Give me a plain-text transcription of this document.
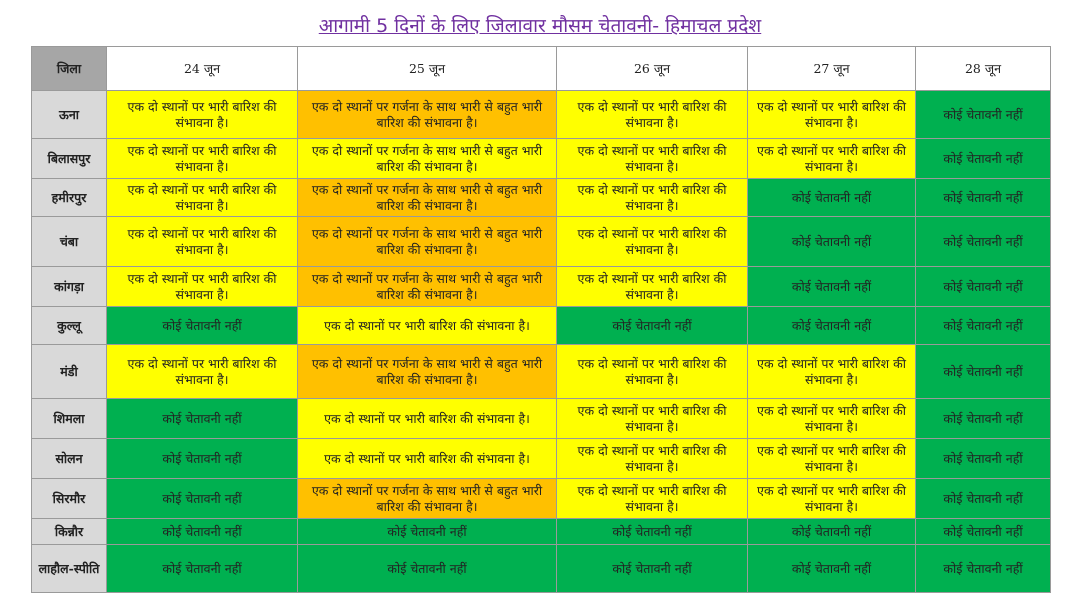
आगामी 5 दिनों के लिए जिलावार मौसम चेतावनी- हिमाचल प्रदेश
जिला	24 जून	25 जून	26 जून	27 जून	28 जून
ऊना	एक दो स्थानों पर भारी बारिश की संभावना है।	एक दो स्थानों पर गर्जना के साथ भारी से बहुत भारी बारिश की संभावना है।	एक दो स्थानों पर भारी बारिश की संभावना है।	एक दो स्थानों पर भारी बारिश की संभावना है।	कोई चेतावनी नहीं
बिलासपुर	एक दो स्थानों पर भारी बारिश की संभावना है।	एक दो स्थानों पर गर्जना के साथ भारी से बहुत भारी बारिश की संभावना है।	एक दो स्थानों पर भारी बारिश की संभावना है।	एक दो स्थानों पर भारी बारिश की संभावना है।	कोई चेतावनी नहीं
हमीरपुर	एक दो स्थानों पर भारी बारिश की संभावना है।	एक दो स्थानों पर गर्जना के साथ भारी से बहुत भारी बारिश की संभावना है।	एक दो स्थानों पर भारी बारिश की संभावना है।	कोई चेतावनी नहीं	कोई चेतावनी नहीं
चंबा	एक दो स्थानों पर भारी बारिश की संभावना है।	एक दो स्थानों पर गर्जना के साथ भारी से बहुत भारी बारिश की संभावना है।	एक दो स्थानों पर भारी बारिश की संभावना है।	कोई चेतावनी नहीं	कोई चेतावनी नहीं
कांगड़ा	एक दो स्थानों पर भारी बारिश की संभावना है।	एक दो स्थानों पर गर्जना के साथ भारी से बहुत भारी बारिश की संभावना है।	एक दो स्थानों पर भारी बारिश की संभावना है।	कोई चेतावनी नहीं	कोई चेतावनी नहीं
कुल्लू	कोई चेतावनी नहीं	एक दो स्थानों पर भारी बारिश की संभावना है।	कोई चेतावनी नहीं	कोई चेतावनी नहीं	कोई चेतावनी नहीं
मंडी	एक दो स्थानों पर भारी बारिश की संभावना है।	एक दो स्थानों पर गर्जना के साथ भारी से बहुत भारी बारिश की संभावना है।	एक दो स्थानों पर भारी बारिश की संभावना है।	एक दो स्थानों पर भारी बारिश की संभावना है।	कोई चेतावनी नहीं
शिमला	कोई चेतावनी नहीं	एक दो स्थानों पर भारी बारिश की संभावना है।	एक दो स्थानों पर भारी बारिश की संभावना है।	एक दो स्थानों पर भारी बारिश की संभावना है।	कोई चेतावनी नहीं
सोलन	कोई चेतावनी नहीं	एक दो स्थानों पर भारी बारिश की संभावना है।	एक दो स्थानों पर भारी बारिश की संभावना है।	एक दो स्थानों पर भारी बारिश की संभावना है।	कोई चेतावनी नहीं
सिरमौर	कोई चेतावनी नहीं	एक दो स्थानों पर गर्जना के साथ भारी से बहुत भारी बारिश की संभावना है।	एक दो स्थानों पर भारी बारिश की संभावना है।	एक दो स्थानों पर भारी बारिश की संभावना है।	कोई चेतावनी नहीं
किन्नौर	कोई चेतावनी नहीं	कोई चेतावनी नहीं	कोई चेतावनी नहीं	कोई चेतावनी नहीं	कोई चेतावनी नहीं
लाहौल-स्पीति	कोई चेतावनी नहीं	कोई चेतावनी नहीं	कोई चेतावनी नहीं	कोई चेतावनी नहीं	कोई चेतावनी नहीं
